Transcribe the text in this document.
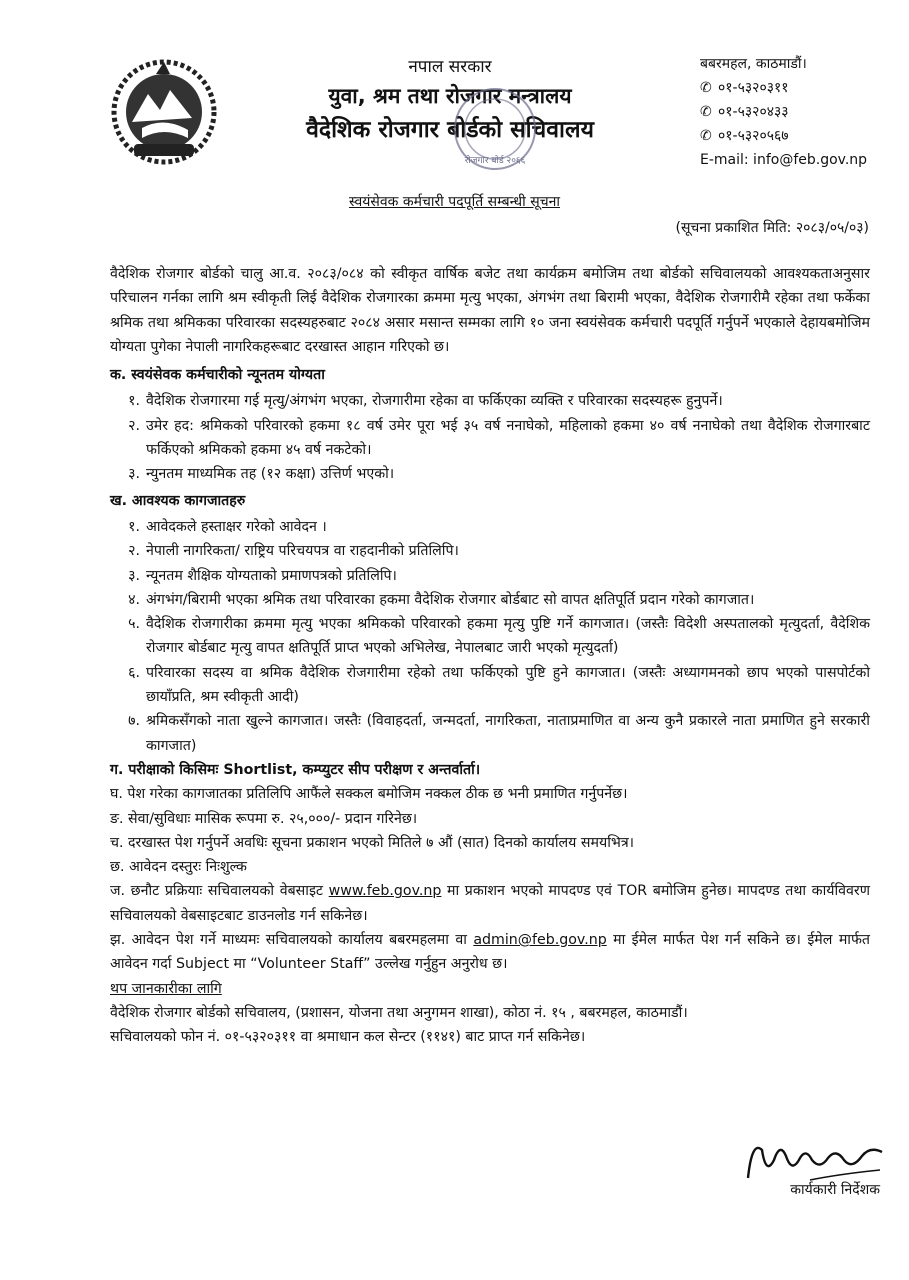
नपाल सरकार
युवा, श्रम तथा रोजगार मन्त्रालय
वैदेशिक रोजगार बोर्डको सचिवालय
रोजगार बोर्ड २०६६
बबरमहल, काठमाडौं।
✆ ०१-५३२०३११
✆ ०१-५३२०४३३
✆ ०१-५३२०५६७
E-mail: info@feb.gov.np
स्वयंसेवक कर्मचारी पदपूर्ति सम्बन्धी सूचना
(सूचना प्रकाशित मिति: २०८३/०५/०३)

वैदेशिक रोजगार बोर्डको चालु आ.व. २०८३/०८४ को स्वीकृत वार्षिक बजेट तथा कार्यक्रम बमोजिम तथा बोर्डको सचिवालयको आवश्यकताअनुसार परिचालन गर्नका लागि श्रम स्वीकृती लिई वैदेशिक रोजगारका क्रममा मृत्यु भएका, अंगभंग तथा बिरामी भएका, वैदेशिक रोजगारीमै रहेका तथा फर्केका श्रमिक तथा श्रमिकका परिवारका सदस्यहरुबाट २०८४ असार मसान्त सम्मका लागि १० जना स्वयंसेवक कर्मचारी पदपूर्ति गर्नुपर्ने भएकाले देहायबमोजिम योग्यता पुगेका नेपाली नागरिकहरूबाट दरखास्त आहान गरिएको छ।

क. स्वयंसेवक कर्मचारीको न्यूनतम योग्यता
१. वैदेशिक रोजगारमा गई मृत्यु/अंगभंग भएका, रोजगारीमा रहेका वा फर्किएका व्यक्ति र परिवारका सदस्यहरू हुनुपर्ने।
२. उमेर हद: श्रमिकको परिवारको हकमा १८ वर्ष उमेर पूरा भई ३५ वर्ष ननाघेको, महिलाको हकमा ४० वर्ष ननाघेको तथा वैदेशिक रोजगारबाट फर्किएको श्रमिकको हकमा ४५ वर्ष नकटेको।
३. न्युनतम माध्यमिक तह (१२ कक्षा) उत्तिर्ण भएको।
ख. आवश्यक कागजातहरु
१. आवेदकले हस्ताक्षर गरेको आवेदन ।
२. नेपाली नागरिकता/ राष्ट्रिय परिचयपत्र वा राहदानीको प्रतिलिपि।
३. न्यूनतम शैक्षिक योग्यताको प्रमाणपत्रको प्रतिलिपि।
४. अंगभंग/बिरामी भएका श्रमिक तथा परिवारका हकमा वैदेशिक रोजगार बोर्डबाट सो वापत क्षतिपूर्ति प्रदान गरेको कागजात।
५. वैदेशिक रोजगारीका क्रममा मृत्यु भएका श्रमिकको परिवारको हकमा मृत्यु पुष्टि गर्ने कागजात। (जस्तैः विदेशी अस्पतालको मृत्युदर्ता, वैदेशिक रोजगार बोर्डबाट मृत्यु वापत क्षतिपूर्ति प्राप्त भएको अभिलेख, नेपालबाट जारी भएको मृत्युदर्ता)
६. परिवारका सदस्य वा श्रमिक वैदेशिक रोजगारीमा रहेको तथा फर्किएको पुष्टि हुने कागजात। (जस्तैः अध्यागमनको छाप भएको पासपोर्टको छायाँप्रति, श्रम स्वीकृती आदी)
७. श्रमिकसँगको नाता खुल्ने कागजात। जस्तैः (विवाहदर्ता, जन्मदर्ता, नागरिकता, नाताप्रमाणित वा अन्य कुनै प्रकारले नाता प्रमाणित हुने सरकारी कागजात)

ग. परीक्षाको किसिमः Shortlist, कम्प्युटर सीप परीक्षण र अन्तर्वार्ता।

घ. पेश गरेका कागजातका प्रतिलिपि आफैंले सक्कल बमोजिम नक्कल ठीक छ भनी प्रमाणित गर्नुपर्नेछ।

ङ. सेवा/सुविधाः मासिक रूपमा रु. २५,०००/- प्रदान गरिनेछ।

च. दरखास्त पेश गर्नुपर्ने अवधिः सूचना प्रकाशन भएको मितिले ७ औं (सात) दिनको कार्यालय समयभित्र।

छ. आवेदन दस्तुरः निःशुल्क

ज. छनौट प्रक्रियाः सचिवालयको वेबसाइट www.feb.gov.np मा प्रकाशन भएको मापदण्ड एवं TOR बमोजिम हुनेछ। मापदण्ड तथा कार्यविवरण सचिवालयको वेबसाइटबाट डाउनलोड गर्न सकिनेछ।

झ. आवेदन पेश गर्ने माध्यमः सचिवालयको कार्यालय बबरमहलमा वा admin@feb.gov.np मा ईमेल मार्फत पेश गर्न सकिने छ। ईमेल मार्फत आवेदन गर्दा Subject मा “Volunteer Staff” उल्लेख गर्नुहुन अनुरोध छ।

थप जानकारीका लागि

वैदेशिक रोजगार बोर्डको सचिवालय, (प्रशासन, योजना तथा अनुगमन शाखा), कोठा नं. १५ , बबरमहल, काठमाडौं।

सचिवालयको फोन नं. ०१-५३२०३११ वा श्रमाधान कल सेन्टर (११४१) बाट प्राप्त गर्न सकिनेछ।

कार्यकारी निर्देशक
